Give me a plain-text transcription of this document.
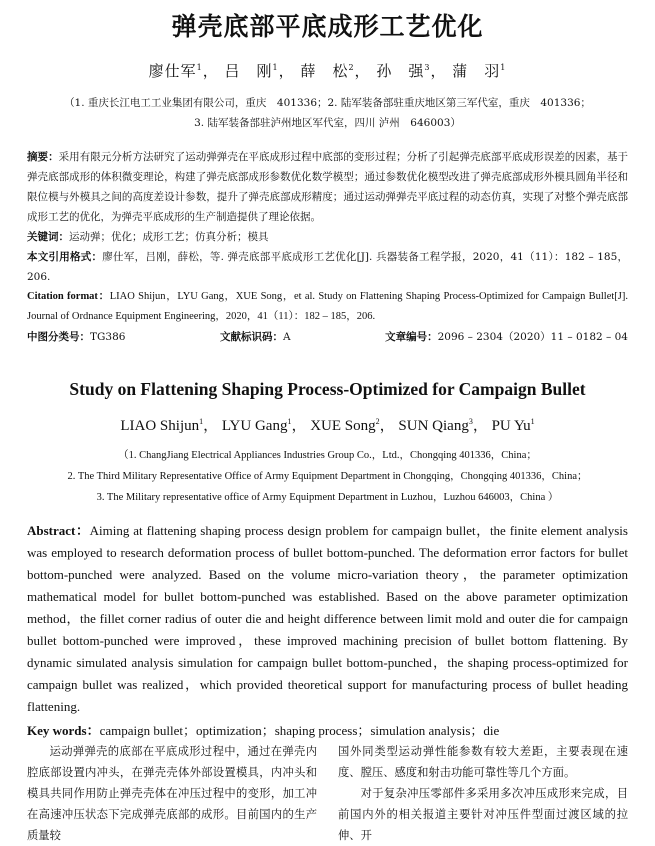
弹壳底部平底成形工艺优化
廖仕军$^1$， 吕　刚$^1$， 薛　松$^2$， 孙　强$^3$， 蒲　羽$^1$
（1. 重庆长江电工工业集团有限公司，重庆　401336；2. 陆军装备部驻重庆地区第三军代室，重庆　401336；
3. 陆军装备部驻泸州地区军代室，四川 泸州　646003）
摘要：采用有限元分析方法研究了运动弹弹壳在平底成形过程中底部的变形过程；分析了引起弹壳底部平底成形误差的因素，基于弹壳底部成形的体积微变理论，构建了弹壳底部成形参数优化数学模型；通过参数优化模型改进了弹壳底部成形外模具圆角半径和限位模与外模具之间的高度差设计参数，提升了弹壳底部成形精度；通过运动弹弹壳平底过程的动态仿真，实现了对整个弹壳底部成形工艺的优化，为弹壳平底成形的生产制造提供了理论依据。
关键词：运动弹；优化；成形工艺；仿真分析；模具
本文引用格式：廖仕军，吕刚，薛松，等. 弹壳底部平底成形工艺优化[J]. 兵器装备工程学报，2020，41（11）：182 – 185，206.
Citation format：LIAO Shijun，LYU Gang，XUE Song，et al. Study on Flattening Shaping Process-Optimized for Campaign Bullet[J]. Journal of Ordnance Equipment Engineering，2020，41（11）：182 – 185，206.
中图分类号：TG386	文献标识码：A	文章编号：2096 – 2304（2020）11 – 0182 – 04
Study on Flattening Shaping Process-Optimized for Campaign Bullet
LIAO Shijun$^1$， LYU Gang$^1$， XUE Song$^2$， SUN Qiang$^3$， PU Yu$^1$
（1. ChangJiang Electrical Appliances Industries Group Co.，Ltd.，Chongqing 401336，China；
2. The Third Military Representative Office of Army Equipment Department in Chongqing，Chongqing 401336，China；
3. The Military representative office of Army Equipment Department in Luzhou，Luzhou 646003，China ）
Abstract：Aiming at flattening shaping process design problem for campaign bullet，the finite element analysis was employed to research deformation process of bullet bottom-punched. The deformation error factors for bullet bottom-punched were analyzed. Based on the volume micro-variation theory，the parameter optimization mathematical model for bullet bottom-punched was established. Based on the above parameter optimization method，the fillet corner radius of outer die and height difference between limit mold and outer die for campaign bullet bottom-punched were improved，these improved machining precision of bullet bottom flattening. By dynamic simulated analysis simulation for campaign bullet bottom-punched，the shaping process-optimized for campaign bullet was realized，which provided theoretical support for manufacturing process of bullet heading flattening.
Key words：campaign bullet；optimization；shaping process；simulation analysis；die

运动弹弹壳的底部在平底成形过程中，通过在弹壳内腔底部设置内冲头，在弹壳壳体外部设置模具，内冲头和模具共同作用防止弹壳壳体在冲压过程中的变形，加工冲在高速冲压状态下完成弹壳底部的成形。目前国内的生产质量较

国外同类型运动弹性能参数有较大差距，主要表现在速度、膛压、感度和射击功能可靠性等几个方面。

对于复杂冲压零部件多采用多次冲压成形来完成，目前国内外的相关报道主要针对冲压件型面过渡区域的拉伸、开
